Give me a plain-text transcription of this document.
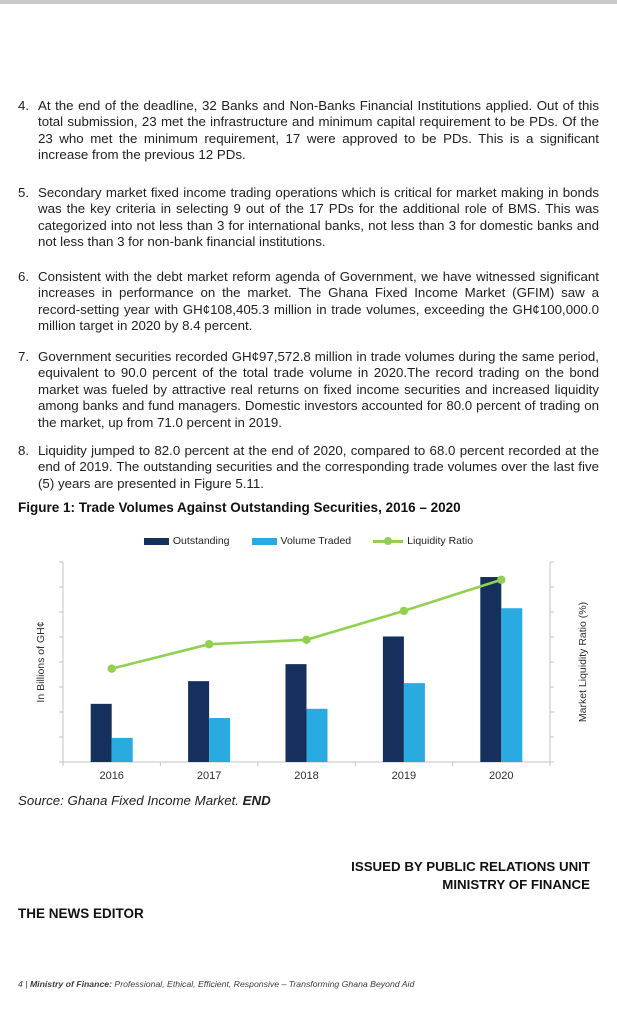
4. At the end of the deadline, 32 Banks and Non-Banks Financial Institutions applied. Out of this total submission, 23 met the infrastructure and minimum capital requirement to be PDs. Of the 23 who met the minimum requirement, 17 were approved to be PDs. This is a significant increase from the previous 12 PDs.
5. Secondary market fixed income trading operations which is critical for market making in bonds was the key criteria in selecting 9 out of the 17 PDs for the additional role of BMS. This was categorized into not less than 3 for international banks, not less than 3 for domestic banks and not less than 3 for non-bank financial institutions.
6. Consistent with the debt market reform agenda of Government, we have witnessed significant increases in performance on the market. The Ghana Fixed Income Market (GFIM) saw a record-setting year with GH¢108,405.3 million in trade volumes, exceeding the GH¢100,000.0 million target in 2020 by 8.4 percent.
7. Government securities recorded GH¢97,572.8 million in trade volumes during the same period, equivalent to 90.0 percent of the total trade volume in 2020.The record trading on the bond market was fueled by attractive real returns on fixed income securities and increased liquidity among banks and fund managers. Domestic investors accounted for 80.0 percent of trading on the market, up from 71.0 percent in 2019.
8. Liquidity jumped to 82.0 percent at the end of 2020, compared to 68.0 percent recorded at the end of 2019. The outstanding securities and the corresponding trade volumes over the last five (5) years are presented in Figure 5.11.
Figure 1: Trade Volumes Against Outstanding Securities, 2016 – 2020
Outstanding	Volume Traded	Liquidity Ratio
2016	2017	2018	2019	2020
In Billions of GH¢	Market Liquidity Ratio (%)
Source: Ghana Fixed Income Market. END
ISSUED BY PUBLIC RELATIONS UNIT
MINISTRY OF FINANCE
THE NEWS EDITOR
4 | Ministry of Finance: Professional, Ethical, Efficient, Responsive – Transforming Ghana Beyond Aid
